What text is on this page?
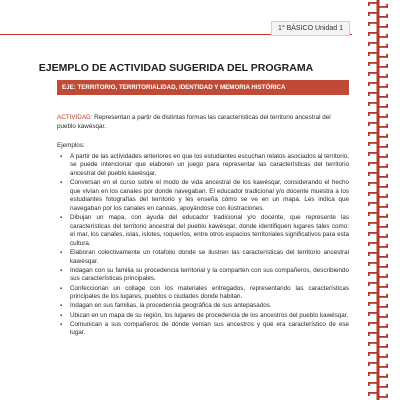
1° BÁSICO Unidad 1
EJEMPLO DE ACTIVIDAD SUGERIDA DEL PROGRAMA
EJE: TERRITORIO, TERRITORIALIDAD, IDENTIDAD Y MEMORIA HISTÓRICA

ACTIVIDAD: Representan a partir de distintas formas las características del territorio ancestral del pueblo kawésqar.

Ejemplos:

▪ A partir de las actividades anteriores en que los estudiantes escuchan relatos asociados al territorio, se puede intencionar que elaboren un juego para representar las características del territorio ancestral del pueblo kawésqar.
▪ Conversan en el curso sobre el modo de vida ancestral de los kawésqar, considerando el hecho que vivían en los canales por donde navegaban. El educador tradicional y/o docente muestra a los estudiantes fotografías del territorio y les enseña cómo se ve en un mapa. Les indica que navegaban por los canales en canoas, apoyándose con ilustraciones.
▪ Dibujan un mapa, con ayuda del educador tradicional y/o docente, que represente las características del territorio ancestral del pueblo kawésqar, donde identifiquen lugares tales como: el mar, los canales, islas, islotes, roqueríos, entre otros espacios territoriales significativos para esta cultura.
▪ Elaboran colectivamente un rotafolio donde se ilustren las características del territorio ancestral kawésqar.
▪ Indagan con su familia su procedencia territorial y la comparten con sus compañeros, describiendo sus características principales.
▪ Confeccionan un collage con los materiales entregados, representando las características principales de los lugares, pueblos o ciudades donde habitan.
▪ Indagan en sus familias, la procedencia geográfica de sus antepasados.
▪ Ubican en un mapa de su región, los lugares de procedencia de los ancestros del pueblo kawésqar.
▪ Comunican a sus compañeros de dónde venían sus ancestros y qué era característico de ese lugar.
